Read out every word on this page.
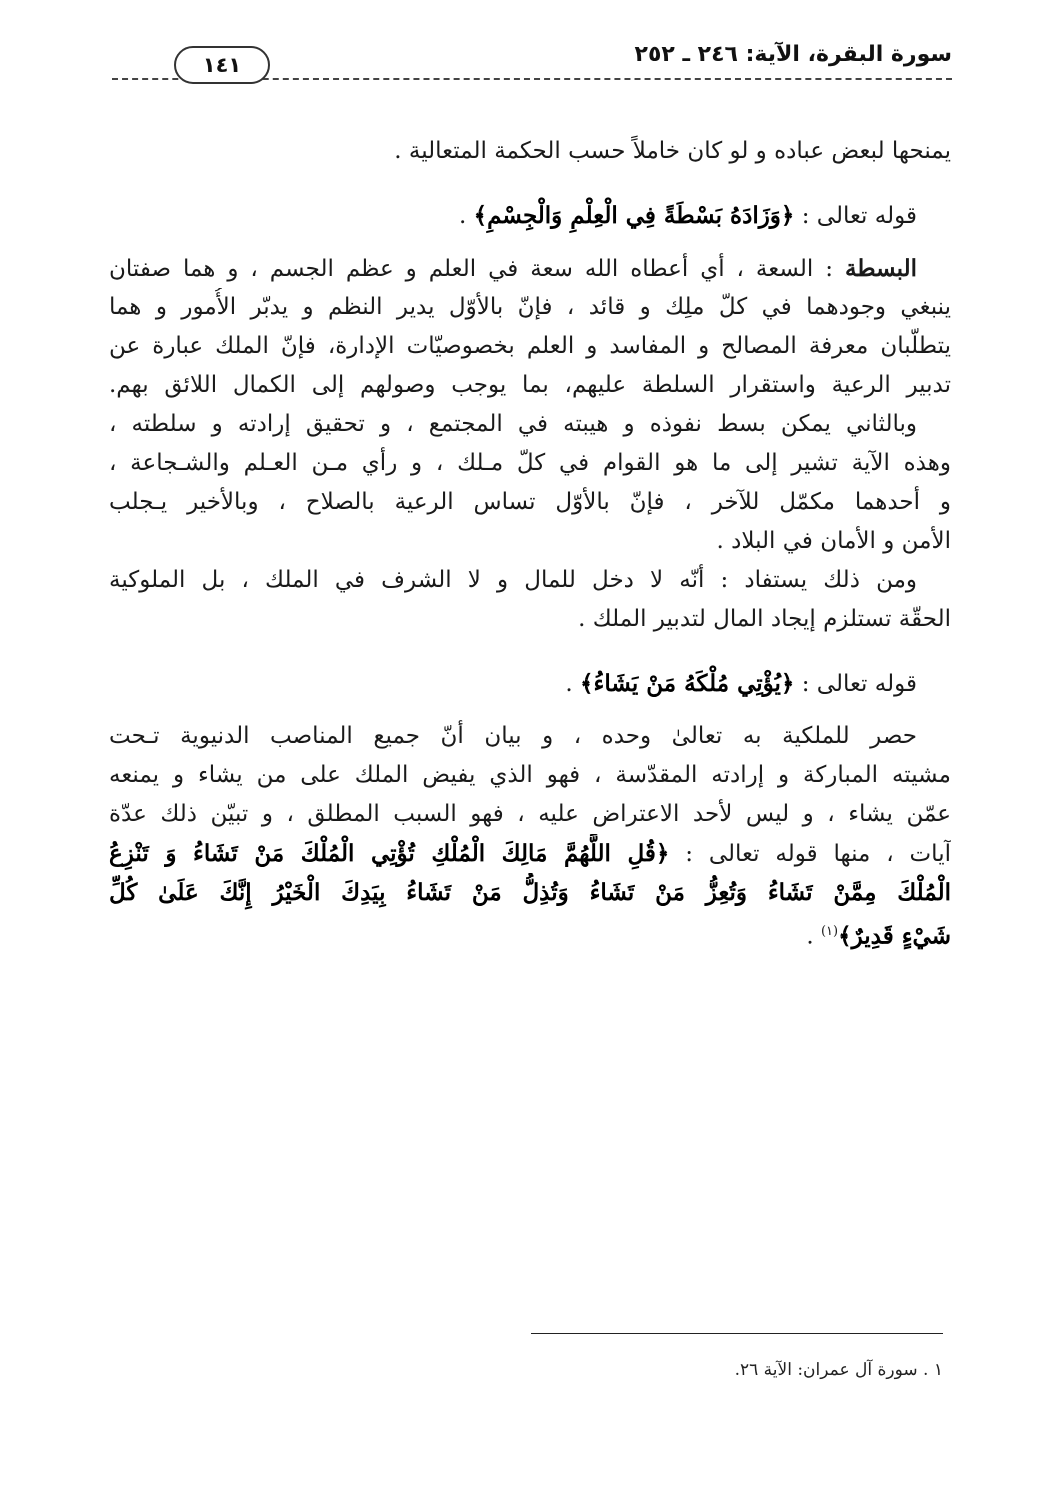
سورة البقرة، الآية: ٢٤٦ ـ ٢٥٢
١٤١

يمنحها لبعض عباده و لو كان خاملاً حسب الحكمة المتعالية .

قوله تعالى : ﴿وَزَادَهُ بَسْطَةً فِي الْعِلْمِ وَالْجِسْمِ﴾ .

البسطة : السعة ، أي أعطاه الله سعة في العلم و عظم الجسم ، و هما صفتان

ينبغي وجودهما في كلّ ملِك و قائد ، فإنّ بالأوّل يدير النظم و يدبّر الأُمور و هما

يتطلّبان معرفة المصالح و المفاسد و العلم بخصوصيّات الإدارة، فإنّ الملك عبارة عن

تدبير الرعية واستقرار السلطة عليهم، بما يوجب وصولهم إلى الكمال اللائق بهم.

وبالثاني يمكن بسط نفوذه و هيبته في المجتمع ، و تحقيق إرادته و سلطته ،

وهذه الآية تشير إلى ما هو القوام في كلّ مـلك ، و رأي مـن العـلم والشـجاعة ،

و أحدهما مكمّل للآخر ، فإنّ بالأوّل تساس الرعية بالصلاح ، وبالأخير يـجلب

الأمن و الأمان في البلاد .

ومن ذلك يستفاد : أنّه لا دخل للمال و لا الشرف في الملك ، بل الملوكية

الحقّة تستلزم إيجاد المال لتدبير الملك .

قوله تعالى : ﴿يُؤْتِي مُلْكَهُ مَنْ يَشَاءُ﴾ .

حصر للملكية به تعالىٰ وحده ، و بيان أنّ جميع المناصب الدنيوية تـحت

مشيته المباركة و إرادته المقدّسة ، فهو الذي يفيض الملك على من يشاء و يمنعه

عمّن يشاء ، و ليس لأحد الاعتراض عليه ، فهو السبب المطلق ، و تبيّن ذلك عدّة

آيات ، منها قوله تعالى : ﴿قُلِ اللَّهُمَّ مَالِكَ الْمُلْكِ تُؤْتِي الْمُلْكَ مَنْ تَشَاءُ وَ تَنْزِعُ

الْمُلْكَ مِمَّنْ تَشَاءُ وَتُعِزُّ مَنْ تَشَاءُ وَتُذِلُّ مَنْ تَشَاءُ بِيَدِكَ الْخَيْرُ إِنَّكَ عَلَىٰ كُلِّ

شَيْءٍ قَدِيرٌ﴾$^{(١)}$ .

١ . سورة آل عمران: الآية ٢٦.
